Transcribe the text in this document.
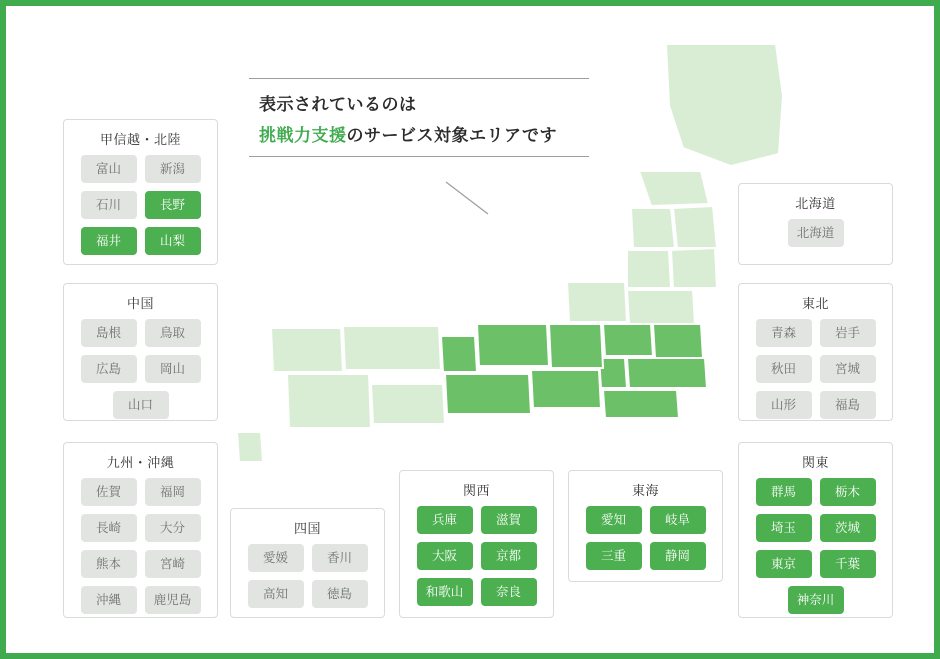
表示されているのは
挑戦力支援のサービス対象エリアです
甲信越・北陸
富山	新潟
石川	長野
福井	山梨
中国
島根	鳥取
広島	岡山
山口
九州・沖縄
佐賀	福岡
長崎	大分
熊本	宮崎
沖縄	鹿児島
四国
愛媛	香川
高知	徳島
関西
兵庫	滋賀
大阪	京都
和歌山	奈良
東海
愛知	岐阜
三重	静岡
北海道
北海道
東北
青森	岩手
秋田	宮城
山形	福島
関東
群馬	栃木
埼玉	茨城
東京	千葉
神奈川
